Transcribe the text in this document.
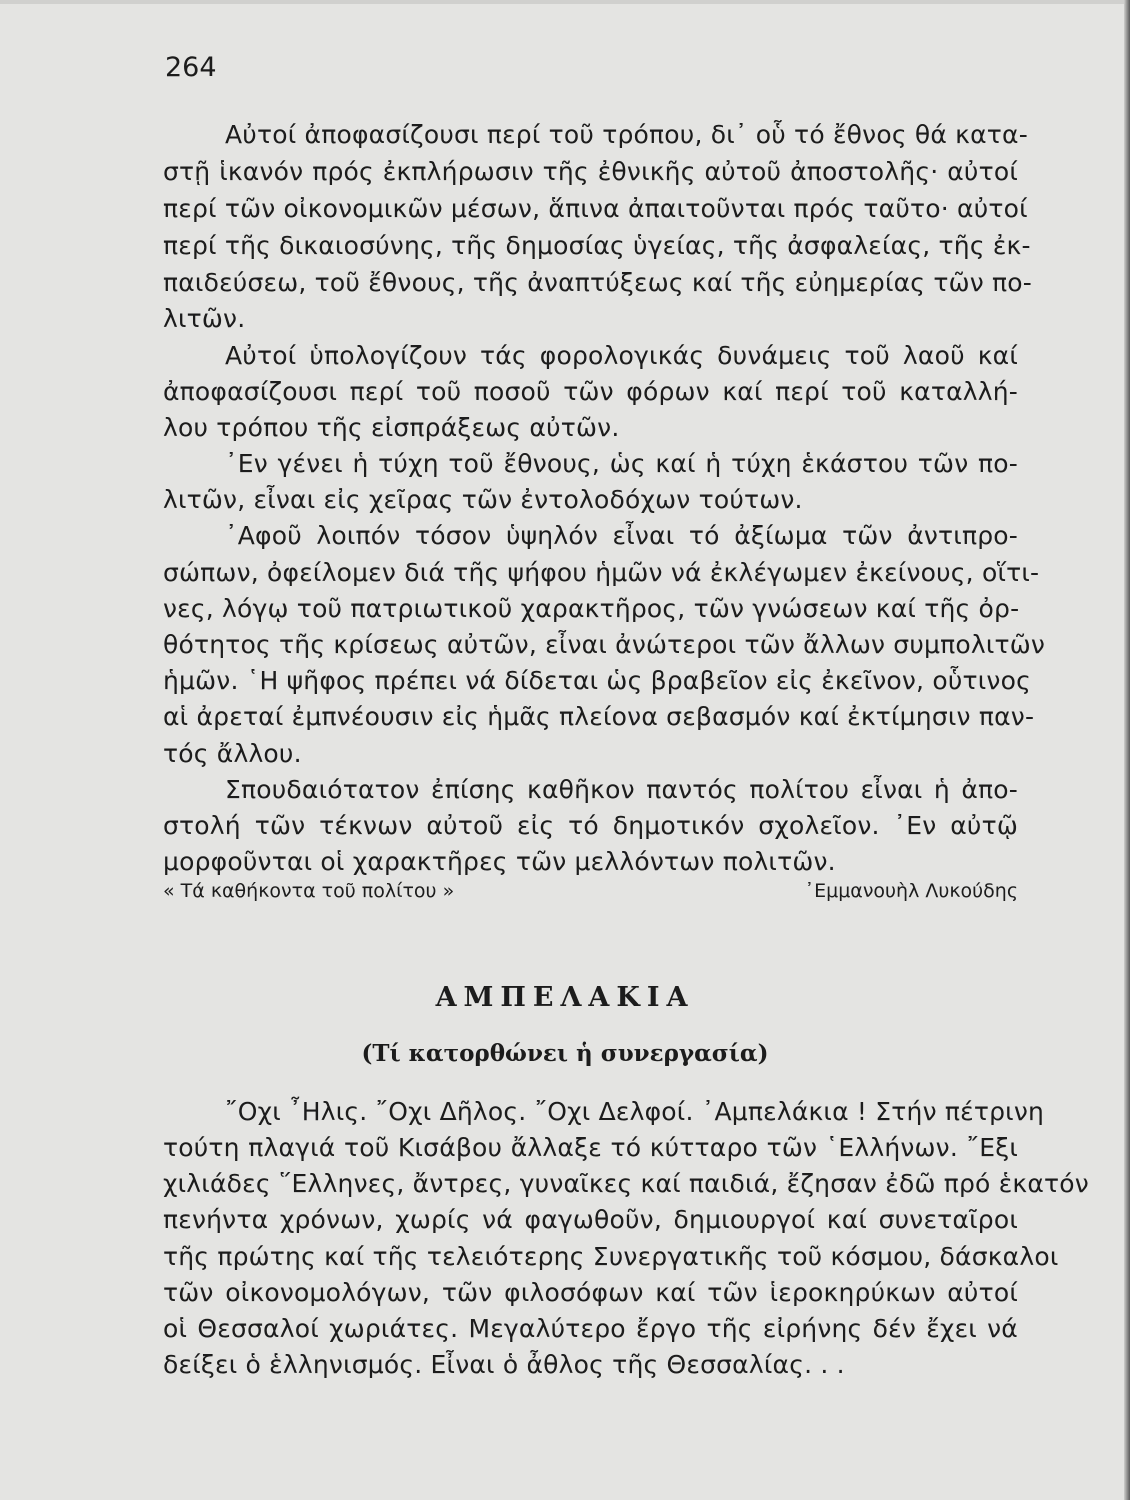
264
Αὐτοί ἀποφασίζουσι περί τοῦ τρόπου, δι᾽ οὗ τό ἔθνος θά κατα-
στῇ ἱκανόν πρός ἐκπλήρωσιν τῆς ἐθνικῆς αὐτοῦ ἀποστολῆς· αὐτοί
περί τῶν οἰκονομικῶν μέσων, ἅπινα ἀπαιτοῦνται πρός ταῦτο· αὐτοί
περί τῆς δικαιοσύνης, τῆς δημοσίας ὑγείας, τῆς ἀσφαλείας, τῆς ἐκ-
παιδεύσεω, τοῦ ἔθνους, τῆς ἀναπτύξεως καί τῆς εὐημερίας τῶν πο-
λιτῶν.
Αὐτοί ὑπολογίζουν τάς φορολογικάς δυνάμεις τοῦ λαοῦ καί
ἀποφασίζουσι περί τοῦ ποσοῦ τῶν φόρων καί περί τοῦ καταλλή-
λου τρόπου τῆς εἰσπράξεως αὐτῶν.
᾿Εν γένει ἡ τύχη τοῦ ἔθνους, ὡς καί ἡ τύχη ἑκάστου τῶν πο-
λιτῶν, εἶναι εἰς χεῖρας τῶν ἐντολοδόχων τούτων.
᾿Αφοῦ λοιπόν τόσον ὑψηλόν εἶναι τό ἀξίωμα τῶν ἀντιπρο-
σώπων, ὀφείλομεν διά τῆς ψήφου ἡμῶν νά ἐκλέγωμεν ἐκείνους, οἵτι-
νες, λόγῳ τοῦ πατριωτικοῦ χαρακτῆρος, τῶν γνώσεων καί τῆς ὀρ-
θότητος τῆς κρίσεως αὐτῶν, εἶναι ἀνώτεροι τῶν ἄλλων συμπολιτῶν
ἡμῶν. ῾Η ψῆφος πρέπει νά δίδεται ὡς βραβεῖον εἰς ἐκεῖνον, οὗτινος
αἱ ἀρεταί ἐμπνέουσιν εἰς ἡμᾶς πλείονα σεβασμόν καί ἐκτίμησιν παν-
τός ἄλλου.
Σπουδαιότατον ἐπίσης καθῆκον παντός πολίτου εἶναι ἡ ἀπο-
στολή τῶν τέκνων αὐτοῦ εἰς τό δημοτικόν σχολεῖον. ᾿Εν αὐτῷ
μορφοῦνται οἱ χαρακτῆρες τῶν μελλόντων πολιτῶν.
« Τά καθήκοντα τοῦ πολίτου »	᾿Εμμανουὴλ Λυκούδης
ΑΜΠΕΛΑΚΙΑ
(Τί κατορθώνει ἡ συνεργασία)
῎Οχι ῏Ηλις. ῎Οχι Δῆλος. ῎Οχι Δελφοί. ᾿Αμπελάκια ! Στήν πέτρινη
τούτη πλαγιά τοῦ Κισάβου ἄλλαξε τό κύτταρο τῶν ῾Ελλήνων. ῎Εξι
χιλιάδες ῞Ελληνες, ἄντρες, γυναῖκες καί παιδιά, ἔζησαν ἐδῶ πρό ἑκατόν
πενήντα χρόνων, χωρίς νά φαγωθοῦν, δημιουργοί καί συνεταῖροι
τῆς πρώτης καί τῆς τελειότερης Συνεργατικῆς τοῦ κόσμου, δάσκαλοι
τῶν οἰκονομολόγων, τῶν φιλοσόφων καί τῶν ἱεροκηρύκων αὐτοί
οἱ Θεσσαλοί χωριάτες. Μεγαλύτερο ἔργο τῆς εἰρήνης δέν ἔχει νά
δείξει ὁ ἑλληνισμός. Εἶναι ὁ ἆθλος τῆς Θεσσαλίας. . .
